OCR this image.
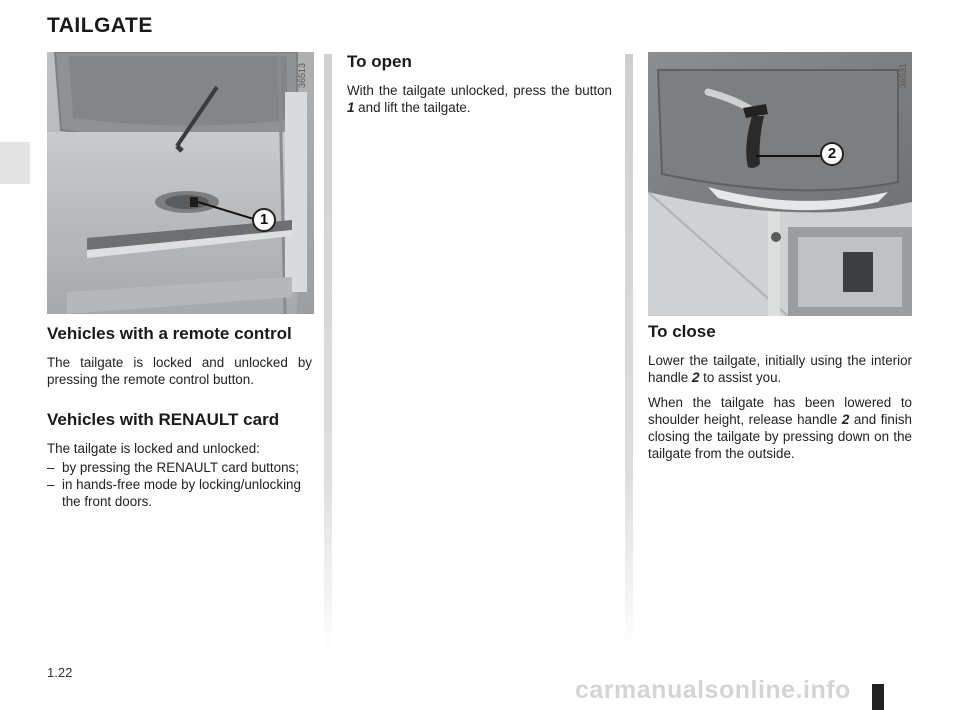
TAILGATE
36513
1
Vehicles with a remote control

The tailgate is locked and unlocked by pressing the remote control button.

Vehicles with RENAULT card

The tailgate is locked and unlocked:

– by pressing the RENAULT card buttons;
– in hands-free mode by locking/unlocking the front doors.
To open

With the tailgate unlocked, press the button 1 and lift the tailgate.

36531
2
To close

Lower the tailgate, initially using the interior handle 2 to assist you.

When the tailgate has been lowered to shoulder height, release handle 2 and finish closing the tailgate by pressing down on the tailgate from the outside.

1.22
carmanualsonline.info
